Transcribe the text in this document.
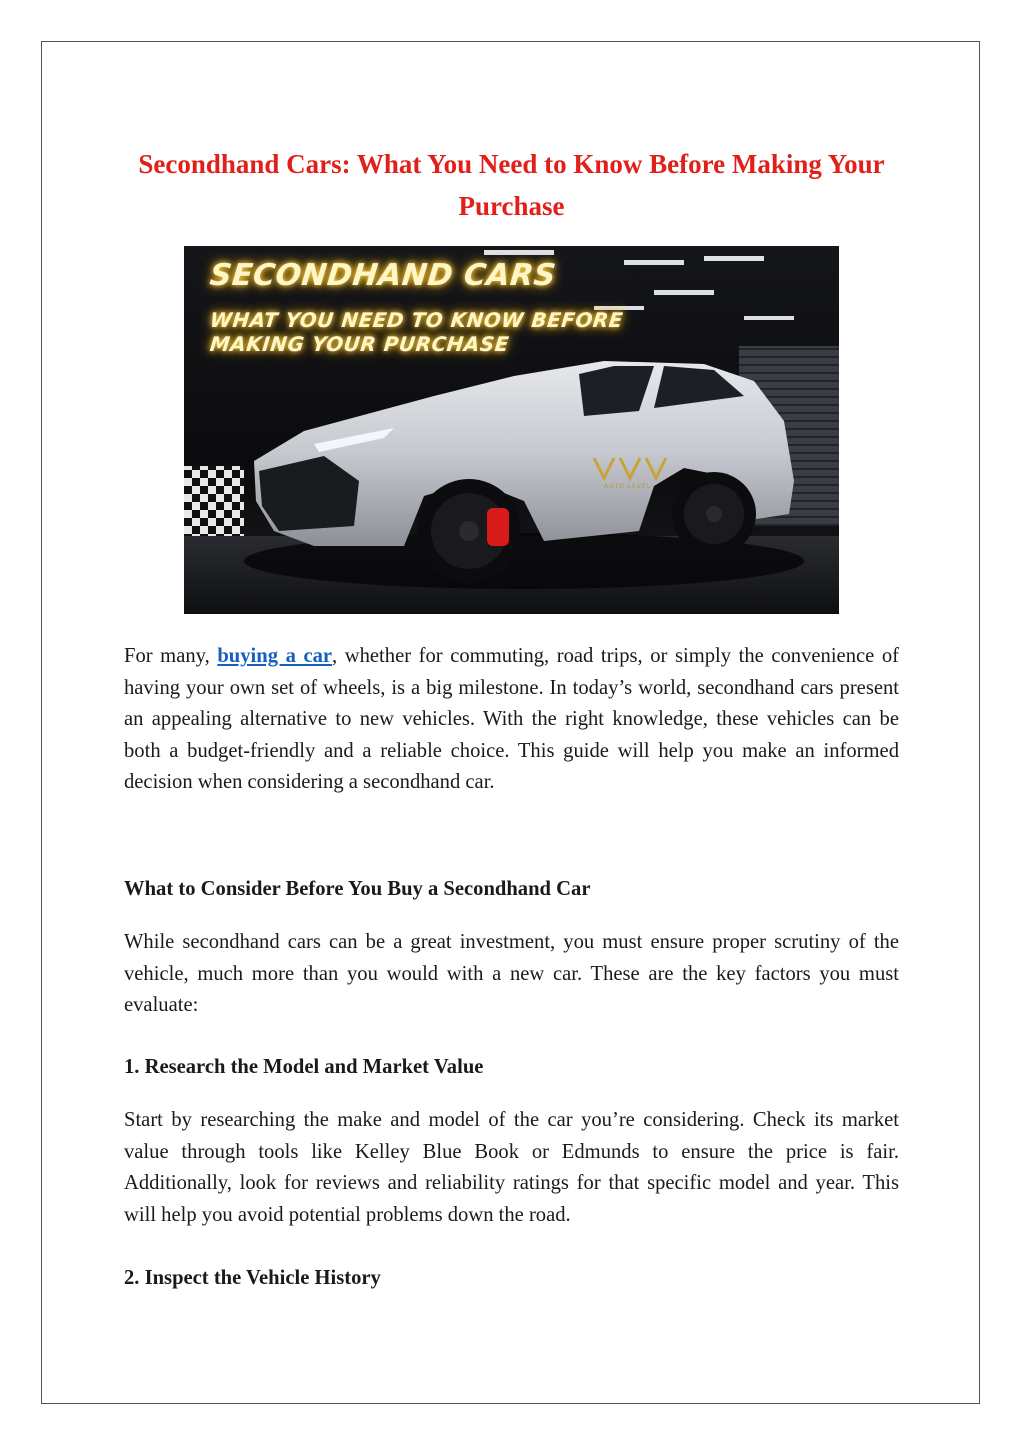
Secondhand Cars: What You Need to Know Before Making Your Purchase
SECONDHAND CARS
WHAT YOU NEED TO KNOW BEFORE
MAKING YOUR PURCHASE
AUTO LEVEL

For many, buying a car, whether for commuting, road trips, or simply the convenience of having your own set of wheels, is a big milestone. In today’s world, secondhand cars present an appealing alternative to new vehicles. With the right knowledge, these vehicles can be both a budget-friendly and a reliable choice. This guide will help you make an informed decision when considering a secondhand car.

What to Consider Before You Buy a Secondhand Car

While secondhand cars can be a great investment, you must ensure proper scrutiny of the vehicle, much more than you would with a new car. These are the key factors you must evaluate:

1. Research the Model and Market Value

Start by researching the make and model of the car you’re considering. Check its market value through tools like Kelley Blue Book or Edmunds to ensure the price is fair. Additionally, look for reviews and reliability ratings for that specific model and year. This will help you avoid potential problems down the road.

2. Inspect the Vehicle History
